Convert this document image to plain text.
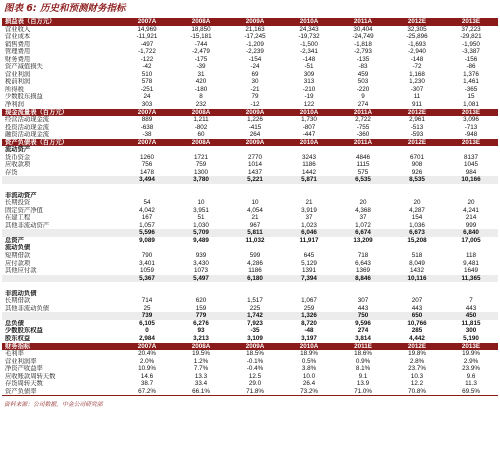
图表 6: 历史和预测财务指标
损益表（百万元）	2007A	2008A	2009A	2010A	2011A	2012E	2013E
营业收入	14,969	18,850	21,163	24,343	30,404	32,305	37,223
营业成本	-11,921	-15,181	-17,245	-19,732	-24,749	-25,896	-29,821
销售费用	-497	-744	-1,209	-1,500	-1,818	-1,693	-1,950
管理费用	-1,722	-2,479	-2,239	-2,341	-2,793	-2,940	-3,387
财务费用	-122	-175	-154	-148	-135	-148	-156
资产减值损失	-42	-39	-24	-51	-83	-72	-86
营业利润	510	31	69	309	459	1,168	1,376
税前利润	578	420	30	313	503	1,230	1,461
所得税	-251	-180	-21	-210	-220	-307	-365
少数股东损益	24	8	79	-19	9	11	15
净利润	303	232	-12	122	274	911	1,081
现金流量表（百万元）	2007A	2008A	2009A	2010A	2011A	2012E	2013E
经营活动现金流	889	1,211	1,226	1,730	2,722	2,961	3,096
投资活动现金流	-638	-802	-415	-807	-755	-513	-713
融资活动现金流	-38	60	264	-447	-360	-593	-948
资产负债表（百万元）	2007A	2008A	2009A	2010A	2011A	2012E	2013E
流动资产							
货币资金	1260	1721	2770	3243	4846	6701	8137
应收款项	756	759	1014	1186	1115	908	1045
存货	1478	1300	1437	1442	575	926	984
	3,494	3,780	5,221	5,871	6,535	8,535	10,166

非流动资产							
长期投资	54	10	10	21	20	20	20
固定资产净值	4,042	3,951	4,054	3,919	4,368	4,287	4,241
在建工程	167	51	21	37	37	154	214
其他非流动资产	1,057	1,030	967	1,023	1,072	1,036	999
	5,596	5,709	5,811	6,046	6,674	6,673	6,840
总资产	9,089	9,489	11,032	11,917	13,209	15,208	17,005
流动负债							
短期借款	790	939	599	645	718	518	118
应付款项	3,401	3,430	4,286	5,129	6,643	8,049	9,481
其他应付款	1059	1073	1186	1391	1369	1432	1649
	5,367	5,497	6,180	7,394	8,846	10,116	11,365

非流动负债							
长期借款	714	620	1,517	1,067	307	207	7
其他非流动负债	25	159	225	259	443	443	443
	739	779	1,742	1,326	750	650	450
总负债	6,105	6,276	7,923	8,720	9,596	10,766	11,815
少数股东权益	0	93	-35	-48	274	285	300
股东权益	2,984	3,213	3,109	3,197	3,814	4,442	5,190
财务指标	2007A	2008A	2009A	2010A	2011E	2012E	2013E
毛利率	20.4%	19.5%	18.5%	18.9%	18.6%	19.8%	19.9%
营业利润率	2.0%	1.2%	-0.1%	0.5%	0.9%	2.8%	2.9%
净资产收益率	10.9%	7.7%	-0.4%	3.8%	8.1%	23.7%	23.9%
应收账款周转天数	14.6	13.3	12.5	10.0	9.1	10.3	9.6
存货周转天数	38.7	33.4	29.0	26.4	13.9	12.2	11.3
资产负债率	67.2%	66.1%	71.8%	73.2%	71.0%	70.8%	69.5%
资料来源：公司数据，中金公司研究部
